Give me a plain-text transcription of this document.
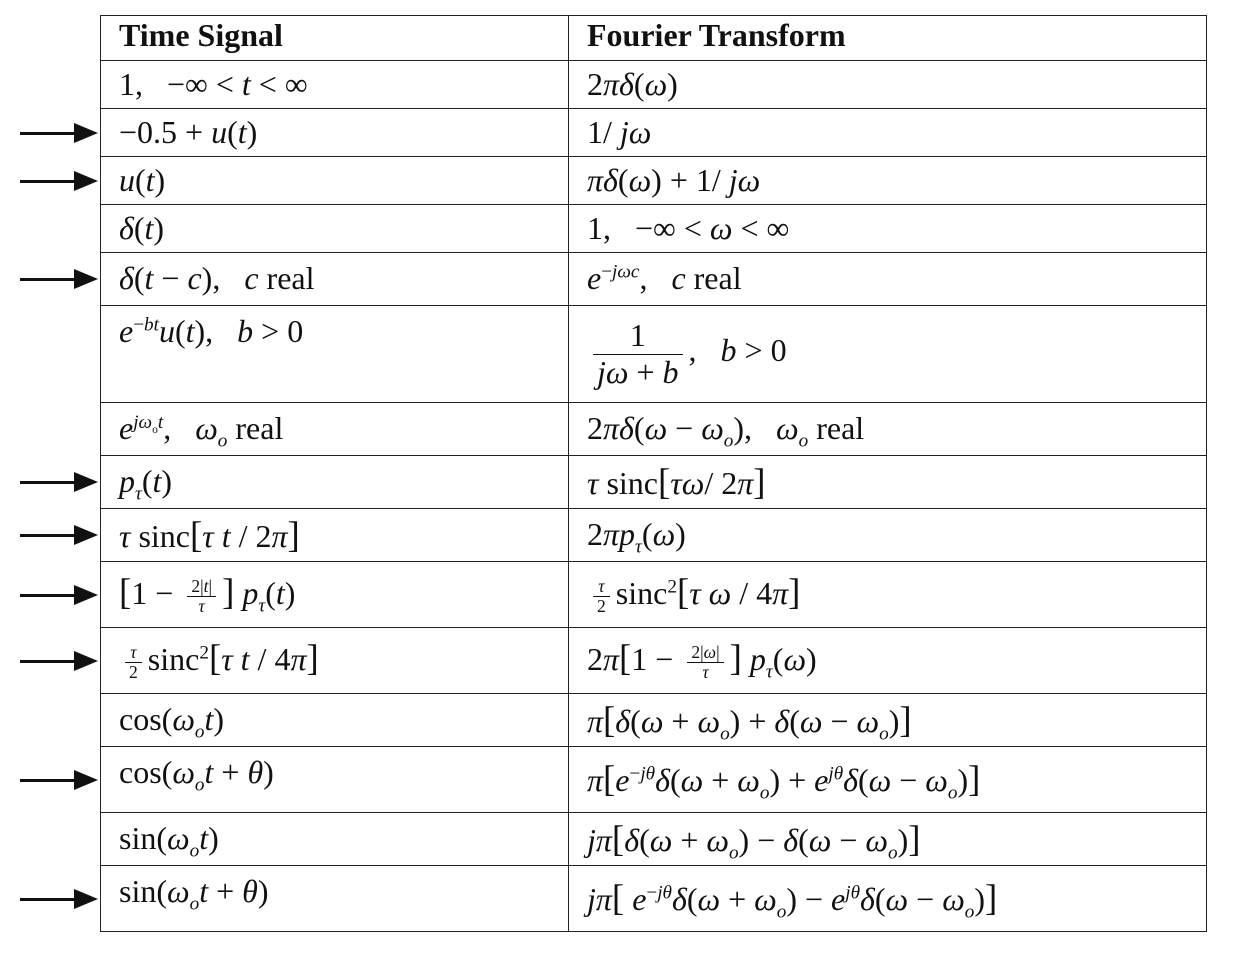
Time Signal	Fourier Transform
1,   −∞ < t < ∞	2πδ(ω)
−0.5 + u(t)	1/ jω
u(t)	πδ(ω) + 1/ jω
δ(t)	1,   −∞ < ω < ∞
δ(t − c),   c real	$e^{-j\omega c}$,   c real
$e^{-bt}u(t)$,   b > 0	$\frac{1}{j\omega + b}$ ,   b > 0
$e^{j\omega_ot}$,   $\omega_o$ real	$2\pi\delta(\omega - \omega_o)$,   $\omega_o$ real
$p_\tau(t)$	τ sinc[τω/ 2π]
τ sinc[τ t / 2π]	$2\pi p_\tau(\omega)$
[$1 - \frac{2|t|}{\tau}$ ] $p_\tau(t)$	$\frac{\tau}{2} \sin c^2[\tau$ ω / 4π]

$\frac{\tau}{2} \sin c^2[\tau$ t / 4π]	$2\pi[1 - \frac{2|\omega|}{\tau}$ ] $p_\tau(\omega)$
$\cos(\omega_ot)$	$\pi[\delta(\omega + \omega_o) + \delta(\omega - \omega_o)]$
$\cos(\omega_ot + \theta)$	$\pi[e^{-j\theta}\delta(\omega + \omega_o) + e^{j\theta}\delta(\omega - \omega_o)]$
$\sin(\omega_ot)$	$j\pi[\delta(\omega + \omega_o) - \delta(\omega - \omega_o)]$
$\sin(\omega_ot + \theta)$	jπ[ $e^{-j\theta}\delta(\omega + \omega_o) - e^{j\theta}\delta(\omega - \omega_o)$]
